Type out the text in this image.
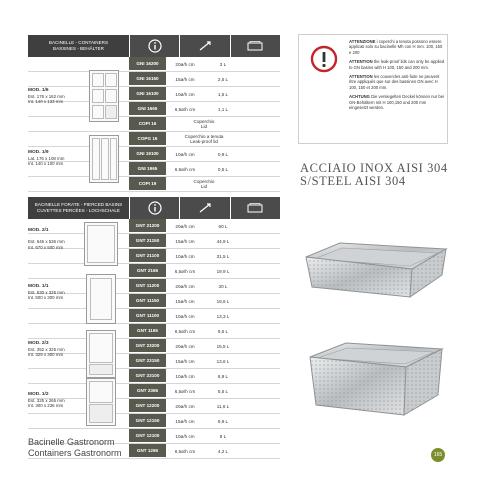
BACINELLE - CONTAINERS
BASSINES - BEHÄLTER
GNI 16200	20ø/h cm	3 L
GNI 16150	15ø/h cm	2,5 L
GNI 16100	10ø/h cm	1,5 L
GNI 1665	6,5ø/h cm	1,1 L
COPI 16	Coperchio
Lid
COPG 16	Coperchio a tenuta
Leak-proof lid
GNI 19100	10ø/h cm	0,9 L
GNI 1965	6,5ø/h cm	0,5 L
COPI 19	Coperchio
Lid
MOD. 1/6
Est. 176 x 162 mm
Int. 140 x 133 mm
MOD. 1/9
Lat. 176 x 108 mm
Int. 140 x 100 mm
BACINELLE FORATE - PIERCED BASINS
CUVETTES PERCÉES - LOCHSCHALE
GNT 21200	20ø/h cm	60 L
GNT 21150	15ø/h cm	44,9 L
GNT 21100	10ø/h cm	31,5 L
GNT 2165	6,5ø/h cm	19,9 L
GNT 11200	20ø/h cm	30 L
GNT 11150	15ø/h cm	19,6 L
GNT 11100	10ø/h cm	13,3 L
GNT 1165	6,5ø/h cm	9,5 L
GNT 23200	20ø/h cm	15,5 L
GNT 23150	15ø/h cm	13,6 L
GNT 23100	10ø/h cm	8,9 L
GNT 2365	6,5ø/h cm	5,5 L
GNT 12200	20ø/h cm	11,6 L
GNT 12150	15ø/h cm	9,9 L
GNT 12100	10ø/h cm	8 L
GNT 1265	6,5ø/h cm	4,2 L
MOD. 2/1

Est. 646 x 536 mm
Int. 670 x 500 mm
MOD. 1/1
Est. 530 x 325 mm
Int. 500 x 300 mm
MOD. 2/3
Est. 352 x 325 mm
Int. 329 x 300 mm
MOD. 1/2
Est. 325 x 265 mm
Int. 300 x 236 mm

ATTENZIONE i coperchi a tenuta possono essere applicati solo su bacinelle Mh con H mm. 100, 150 e 200

ATTENTION the leak-proof lids can only be applied to GN basins with H 100, 150 and 200 mm.

ATTENTION les couvercles anti-fuite ne peuvent être appliqués que sur des bassines GN avec H 100, 150 et 200 mm.

ACHTUNG Die versiegelten Deckel können nur bei GN-Behältern mit H 100,150 und 200 mm eingesetzt werden.

ACCIAIO INOX AISI 304
S/STEEL AISI 304
Bacinelle Gastronorm
Containers Gastronorm	165
